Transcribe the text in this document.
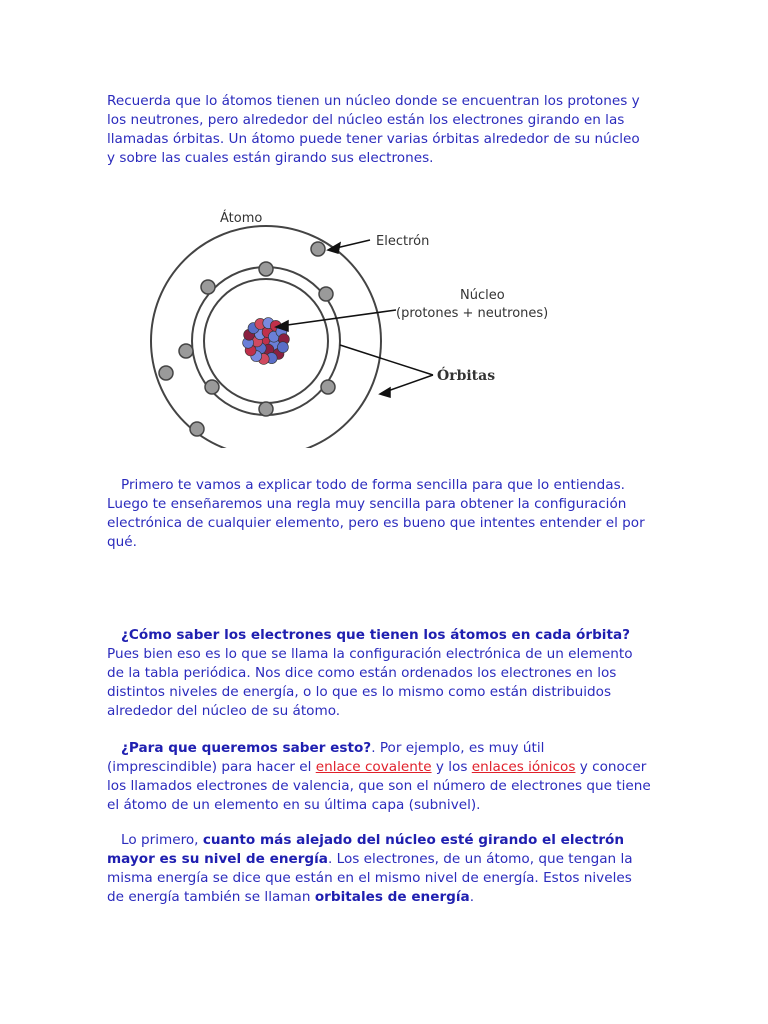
Recuerda que lo átomos tienen un núcleo donde se encuentran los protones y los neutrones, pero alrededor del núcleo están los electrones girando en las llamadas órbitas. Un átomo puede tener varias órbitas alrededor de su núcleo y sobre las cuales están girando sus electrones.

Átomo
Electrón
Núcleo
(protones + neutrones)
Órbitas

Primero te vamos a explicar todo de forma sencilla para que lo entiendas. Luego te enseñaremos una regla muy sencilla para obtener la configuración electrónica de cualquier elemento, pero es bueno que intentes entender el por qué.

¿Cómo saber los electrones que tienen los átomos en cada órbita?
Pues bien eso es lo que se llama la configuración electrónica de un elemento de la tabla periódica. Nos dice como están ordenados los electrones en los distintos niveles de energía, o lo que es lo mismo como están distribuidos alrededor del núcleo de su átomo.

¿Para que queremos saber esto?. Por ejemplo, es muy útil (imprescindible) para hacer el enlace covalente y los enlaces iónicos y conocer los llamados electrones de valencia, que son el número de electrones que tiene el átomo de un elemento en su última capa (subnivel).

Lo primero, cuanto más alejado del núcleo esté girando el electrón mayor es su nivel de energía. Los electrones, de un átomo, que tengan la misma energía se dice que están en el mismo nivel de energía. Estos niveles de energía también se llaman orbitales de energía.
